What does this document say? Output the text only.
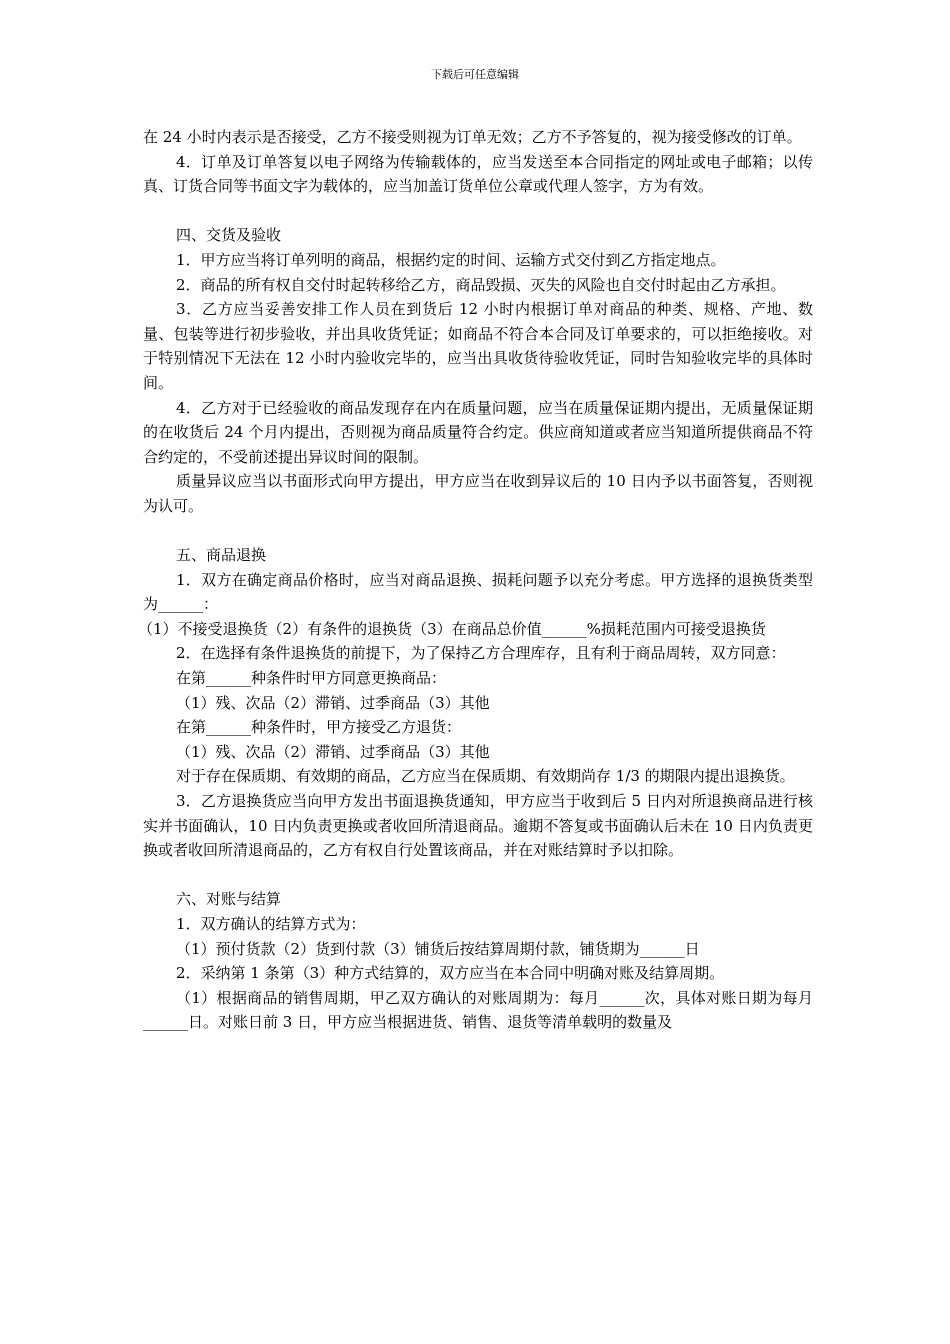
下载后可任意编辑

在 24 小时内表示是否接受，乙方不接受则视为订单无效；乙方不予答复的，视为接受修改的订单。

4．订单及订单答复以电子网络为传输载体的，应当发送至本合同指定的网址或电子邮箱；以传真、订货合同等书面文字为载体的，应当加盖订货单位公章或代理人签字，方为有效。

四、交货及验收

1．甲方应当将订单列明的商品，根据约定的时间、运输方式交付到乙方指定地点。

2．商品的所有权自交付时起转移给乙方，商品毁损、灭失的风险也自交付时起由乙方承担。

3．乙方应当妥善安排工作人员在到货后 12 小时内根据订单对商品的种类、规格、产地、数量、包装等进行初步验收，并出具收货凭证；如商品不符合本合同及订单要求的，可以拒绝接收。对于特别情况下无法在 12 小时内验收完毕的，应当出具收货待验收凭证，同时告知验收完毕的具体时间。

4．乙方对于已经验收的商品发现存在内在质量问题，应当在质量保证期内提出，无质量保证期的在收货后 24 个月内提出，否则视为商品质量符合约定。供应商知道或者应当知道所提供商品不符合约定的，不受前述提出异议时间的限制。

质量异议应当以书面形式向甲方提出，甲方应当在收到异议后的 10 日内予以书面答复，否则视为认可。

五、商品退换

1．双方在确定商品价格时，应当对商品退换、损耗问题予以充分考虑。甲方选择的退换货类型为______：

（1）不接受退换货（2）有条件的退换货（3）在商品总价值______%损耗范围内可接受退换货

2．在选择有条件退换货的前提下，为了保持乙方合理库存，且有利于商品周转，双方同意：

在第______种条件时甲方同意更换商品：

（1）残、次品（2）滞销、过季商品（3）其他

在第______种条件时，甲方接受乙方退货：

（1）残、次品（2）滞销、过季商品（3）其他

对于存在保质期、有效期的商品，乙方应当在保质期、有效期尚存 1/3 的期限内提出退换货。

3．乙方退换货应当向甲方发出书面退换货通知，甲方应当于收到后 5 日内对所退换商品进行核实并书面确认，10 日内负责更换或者收回所清退商品。逾期不答复或书面确认后未在 10 日内负责更换或者收回所清退商品的，乙方有权自行处置该商品，并在对账结算时予以扣除。

六、对账与结算

1．双方确认的结算方式为：

（1）预付货款（2）货到付款（3）铺货后按结算周期付款，铺货期为______日

2．采纳第 1 条第（3）种方式结算的，双方应当在本合同中明确对账及结算周期。

（1）根据商品的销售周期，甲乙双方确认的对账周期为：每月______次，具体对账日期为每月______日。对账日前 3 日，甲方应当根据进货、销售、退货等清单载明的数量及
